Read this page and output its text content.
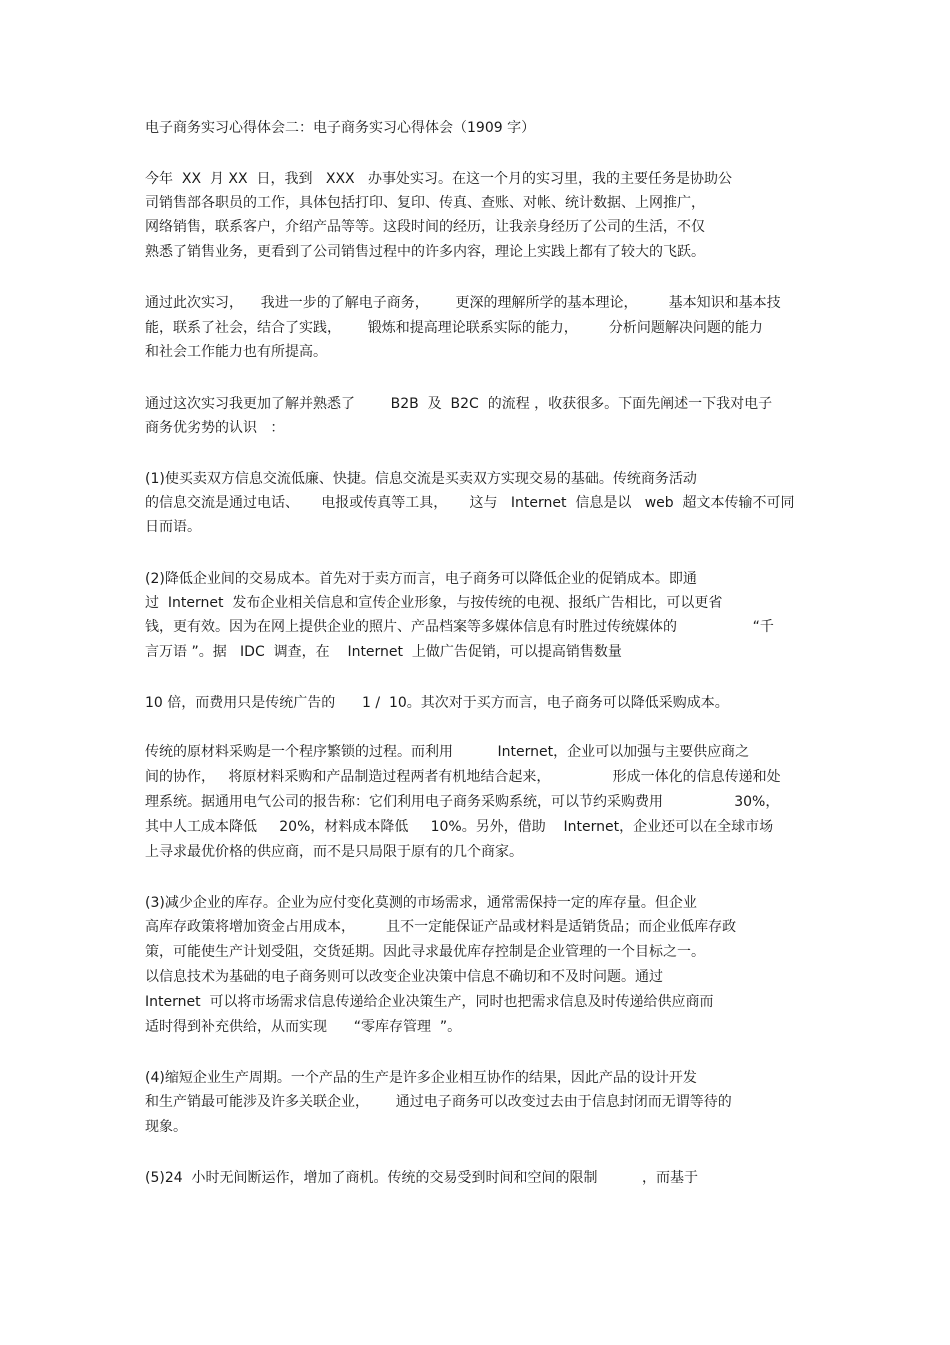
电子商务实习心得体会二：电子商务实习心得体会（1909 字）

今年  XX  月 XX  日，我到   XXX   办事处实习。在这一个月的实习里，我的主要任务是协助公

司销售部各职员的工作，具体包括打印、复印、传真、查账、对帐、统计数据、上网推广，

网络销售，联系客户，介绍产品等等。这段时间的经历，让我亲身经历了公司的生活，不仅

熟悉了销售业务，更看到了公司销售过程中的许多内容，理论上实践上都有了较大的飞跃。

通过此次实习，    我进一步的了解电子商务，      更深的理解所学的基本理论，       基本知识和基本技

能，联系了社会，结合了实践，      锻炼和提高理论联系实际的能力，       分析问题解决问题的能力

和社会工作能力也有所提高。

通过这次实习我更加了解并熟悉了        B2B  及  B2C  的流程 ，收获很多。下面先阐述一下我对电子

商务优劣势的认识   ：

(1)使买卖双方信息交流低廉、快捷。信息交流是买卖双方实现交易的基础。传统商务活动

的信息交流是通过电话、     电报或传真等工具，     这与   Internet  信息是以   web  超文本传输不可同

日而语。

(2)降低企业间的交易成本。首先对于卖方而言，电子商务可以降低企业的促销成本。即通

过  Internet  发布企业相关信息和宣传企业形象，与按传统的电视、报纸广告相比，可以更省

钱，更有效。因为在网上提供企业的照片、产品档案等多媒体信息有时胜过传统媒体的                 “千

言万语 ”。据   IDC  调查，在    Internet  上做广告促销，可以提高销售数量

10 倍，而费用只是传统广告的      1 /  10。其次对于买方而言，电子商务可以降低采购成本。

传统的原材料采购是一个程序繁锁的过程。而利用          Internet，企业可以加强与主要供应商之

间的协作，   将原材料采购和产品制造过程两者有机地结合起来，              形成一体化的信息传递和处

理系统。据通用电气公司的报告称：它们利用电子商务采购系统，可以节约采购费用                30%，

其中人工成本降低     20%，材料成本降低     10%。另外，借助    Internet，企业还可以在全球市场

上寻求最优价格的供应商，而不是只局限于原有的几个商家。

(3)减少企业的库存。企业为应付变化莫测的市场需求，通常需保持一定的库存量。但企业

高库存政策将增加资金占用成本，       且不一定能保证产品或材料是适销货品；而企业低库存政

策，可能使生产计划受阻，交货延期。因此寻求最优库存控制是企业管理的一个目标之一。

以信息技术为基础的电子商务则可以改变企业决策中信息不确切和不及时问题。通过

Internet  可以将市场需求信息传递给企业决策生产，同时也把需求信息及时传递给供应商而

适时得到补充供给，从而实现      “零库存管理  ”。

(4)缩短企业生产周期。一个产品的生产是许多企业相互协作的结果，因此产品的设计开发

和生产销最可能涉及许多关联企业，      通过电子商务可以改变过去由于信息封闭而无谓等待的

现象。

(5)24  小时无间断运作，增加了商机。传统的交易受到时间和空间的限制          ，而基于
